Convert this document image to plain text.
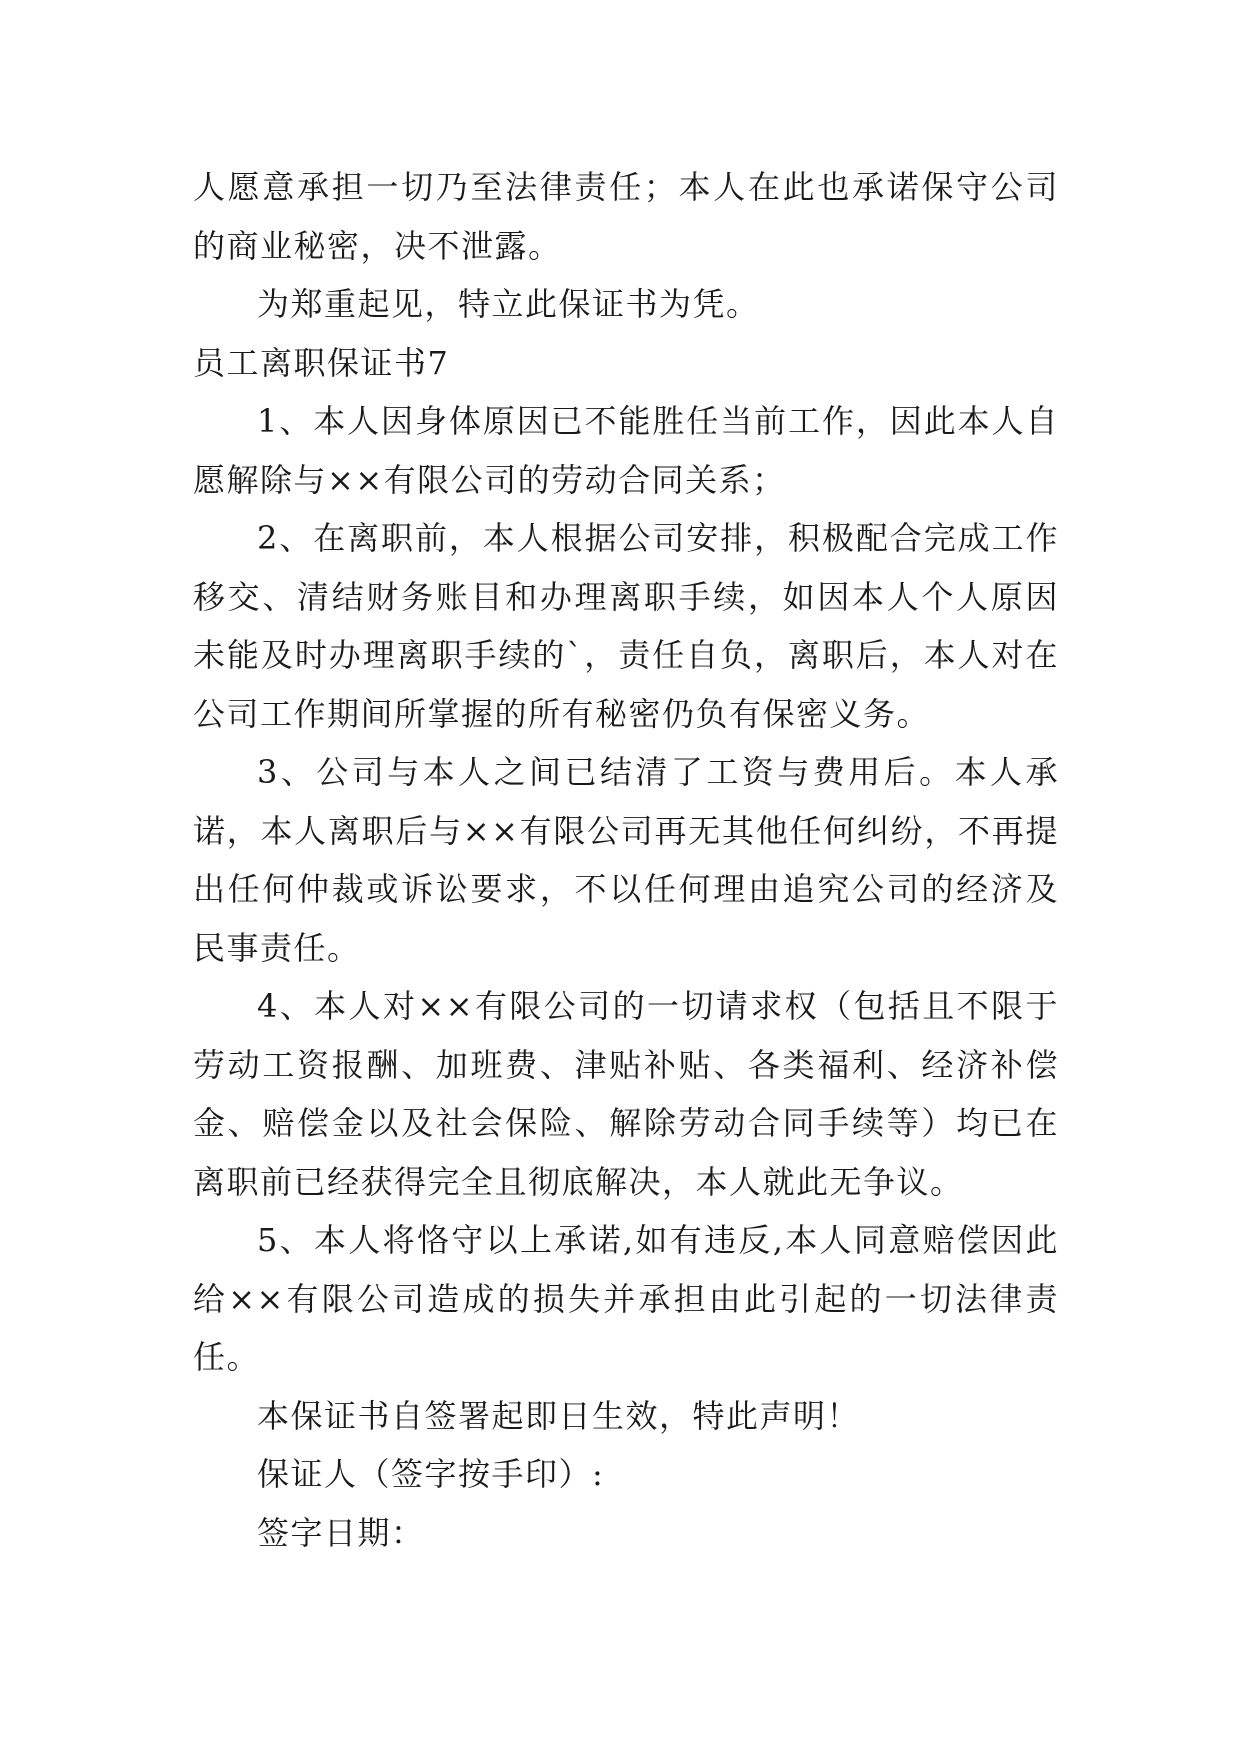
人愿意承担一切乃至法律责任；本人在此也承诺保守公司的商业秘密，决不泄露。

为郑重起见，特立此保证书为凭。

员工离职保证书7

1、本人因身体原因已不能胜任当前工作，因此本人自愿解除与××有限公司的劳动合同关系；

2、在离职前，本人根据公司安排，积极配合完成工作移交、清结财务账目和办理离职手续，如因本人个人原因未能及时办理离职手续的`，责任自负，离职后，本人对在公司工作期间所掌握的所有秘密仍负有保密义务。

3、公司与本人之间已结清了工资与费用后。本人承诺，本人离职后与××有限公司再无其他任何纠纷，不再提出任何仲裁或诉讼要求，不以任何理由追究公司的经济及民事责任。

4、本人对××有限公司的一切请求权（包括且不限于劳动工资报酬、加班费、津贴补贴、各类福利、经济补偿金、赔偿金以及社会保险、解除劳动合同手续等）均已在离职前已经获得完全且彻底解决，本人就此无争议。

5、本人将恪守以上承诺,如有违反,本人同意赔偿因此给××有限公司造成的损失并承担由此引起的一切法律责任。

本保证书自签署起即日生效，特此声明！

保证人（签字按手印）:

签字日期：
